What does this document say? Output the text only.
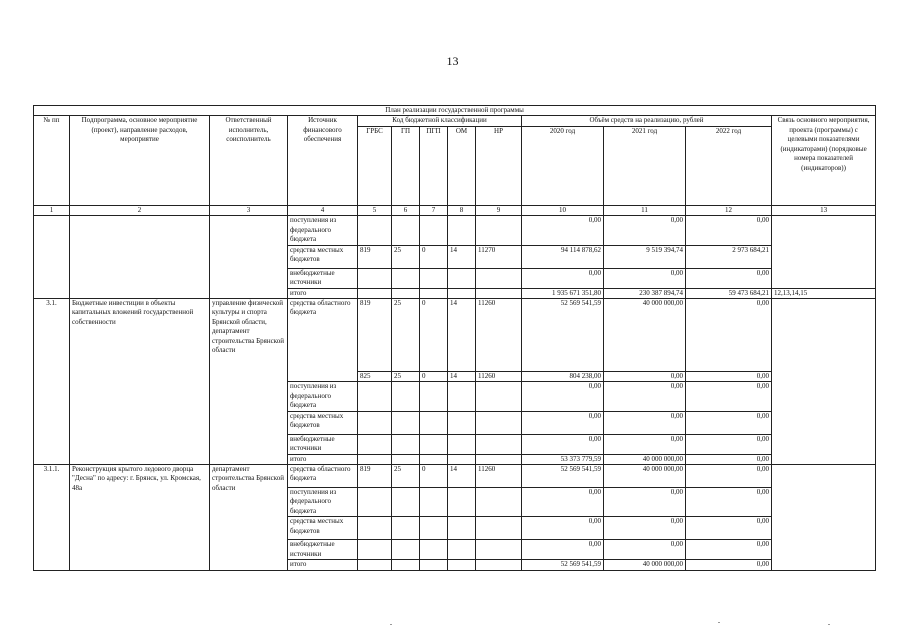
13
План реализации государственной программы												
№ пп	Подпрограмма, основное мероприятие (проект), направление расходов, мероприятие	Ответственный исполнитель, соисполнитель	Источник финансового обеспечения	Код бюджетной классификации					Объём средств на реализацию, рублей			Связь основного мероприятия, проекта (программы) с целевыми показателями (индикаторами) (порядковые номера показателей (индикаторов))
				ГРБС	ГП	ПГП	ОМ	НР	2020 год	2021 год	2022 год	
1	2	3	4	5	6	7	8	9	10	11	12	13
			поступления из федерального бюджета						0,00	0,00	0,00	
			средства местных бюджетов	819	25	0	14	11270	94 114 878,62	9 519 394,74	2 973 684,21	
			внебюджетные источники						0,00	0,00	0,00	
			итого						1 935 671 351,80	230 387 894,74	59 473 684,21	12,13,14,15
3.1.	Бюджетные инвестиции в объекты капитальных вложений государственной собственности	управление физической культуры и спорта Брянской области, департамент строительства Брянской области	средства областного бюджета	819	25	0	14	11260	52 569 541,59	40 000 000,00	0,00	
				825	25	0	14	11260	804 238,00	0,00	0,00	
			поступления из федерального бюджета						0,00	0,00	0,00	
			средства местных бюджетов						0,00	0,00	0,00	
			внебюджетные источники						0,00	0,00	0,00	
			итого						53 373 779,59	40 000 000,00	0,00	
3.1.1.	Реконструкция крытого ледового дворца "Десна" по адресу: г. Брянск, ул. Кромская, 48а	департамент строительства Брянской области	средства областного бюджета	819	25	0	14	11260	52 569 541,59	40 000 000,00	0,00	
			поступления из федерального бюджета						0,00	0,00	0,00	
			средства местных бюджетов						0,00	0,00	0,00	
			внебюджетные источники						0,00	0,00	0,00	
			итого						52 569 541,59	40 000 000,00	0,00	
